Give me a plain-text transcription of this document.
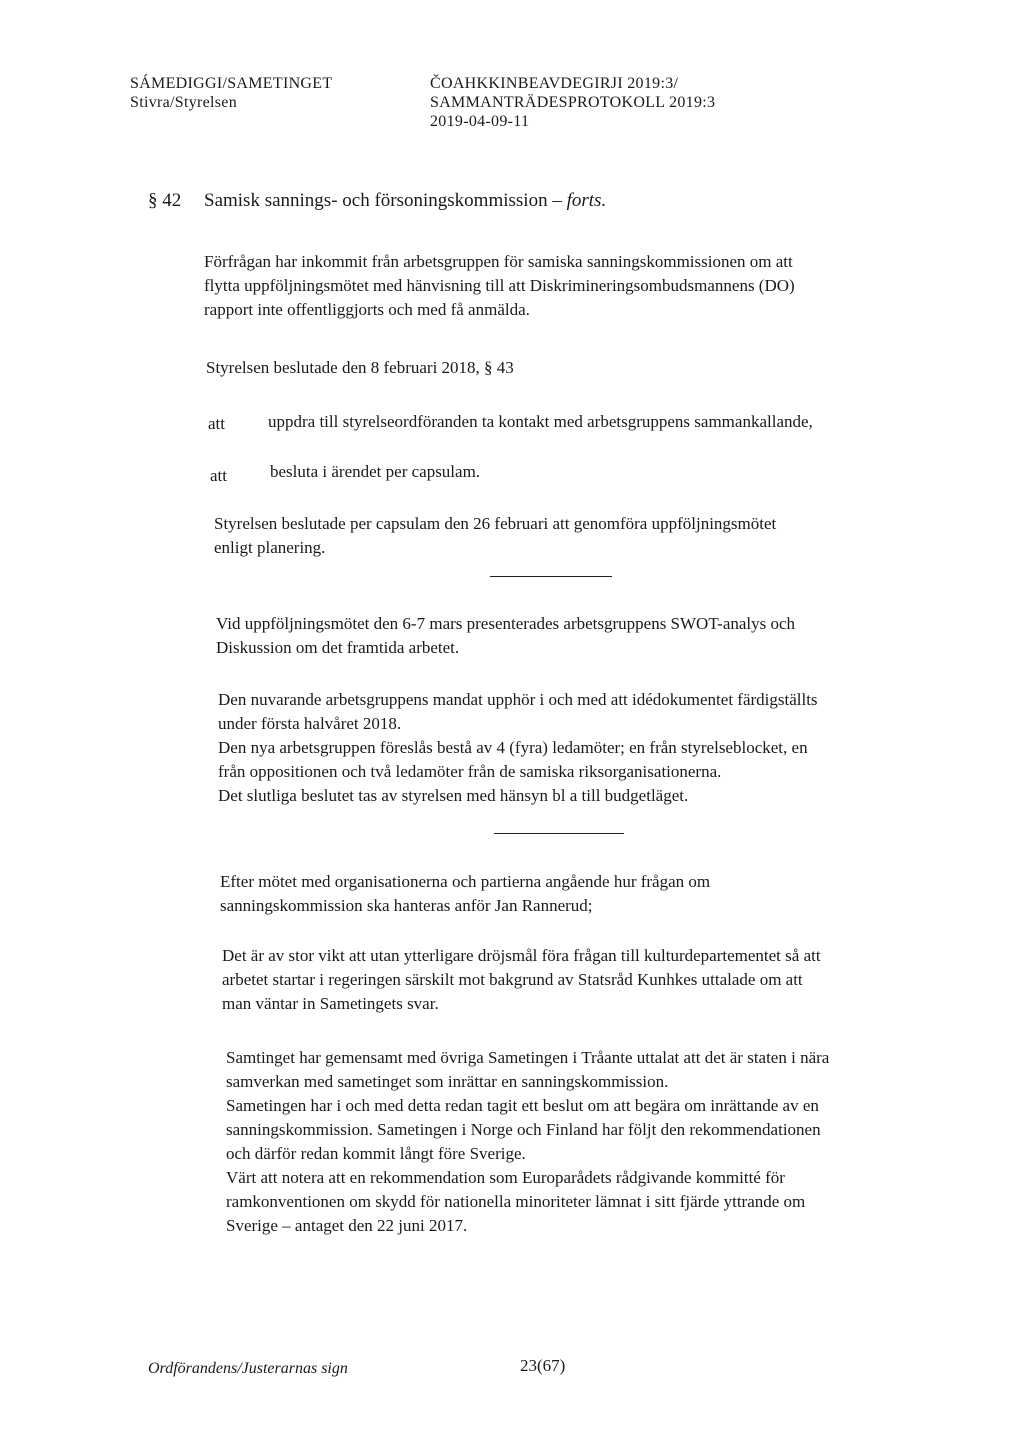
SÁMEDIGGI/SAMETINGET
Stivra/Styrelsen
ČOAHKKINBEAVDEGIRJI 2019:3/
SAMMANTRÄDESPROTOKOLL 2019:3
2019-04-09-11
§ 42 Samisk sannings- och försoningskommission – forts.
Förfrågan har inkommit från arbetsgruppen för samiska sanningskommissionen om att
flytta uppföljningsmötet med hänvisning till att Diskrimineringsombudsmannens (DO)
rapport inte offentliggjorts och med få anmälda.
Styrelsen beslutade den 8 februari 2018, § 43
att	uppdra till styrelseordföranden ta kontakt med arbetsgruppens sammankallande,
att	besluta i ärendet per capsulam.
Styrelsen beslutade per capsulam den 26 februari att genomföra uppföljningsmötet
enligt planering.
Vid uppföljningsmötet den 6-7 mars presenterades arbetsgruppens SWOT-analys och
Diskussion om det framtida arbetet.
Den nuvarande arbetsgruppens mandat upphör i och med att idédokumentet färdigställts
under första halvåret 2018.
Den nya arbetsgruppen föreslås bestå av 4 (fyra) ledamöter; en från styrelseblocket, en
från oppositionen och två ledamöter från de samiska riksorganisationerna.
Det slutliga beslutet tas av styrelsen med hänsyn bl a till budgetläget.
Efter mötet med organisationerna och partierna angående hur frågan om
sanningskommission ska hanteras anför Jan Rannerud;
Det är av stor vikt att utan ytterligare dröjsmål föra frågan till kulturdepartementet så att
arbetet startar i regeringen särskilt mot bakgrund av Statsråd Kunhkes uttalade om att
man väntar in Sametingets svar.
Samtinget har gemensamt med övriga Sametingen i Tråante uttalat att det är staten i nära
samverkan med sametinget som inrättar en sanningskommission.
Sametingen har i och med detta redan tagit ett beslut om att begära om inrättande av en
sanningskommission. Sametingen i Norge och Finland har följt den rekommendationen
och därför redan kommit långt före Sverige.
Värt att notera att en rekommendation som Europarådets rådgivande kommitté för
ramkonventionen om skydd för nationella minoriteter lämnat i sitt fjärde yttrande om
Sverige – antaget den 22 juni 2017.
Ordförandens/Justerarnas sign	23(67)
